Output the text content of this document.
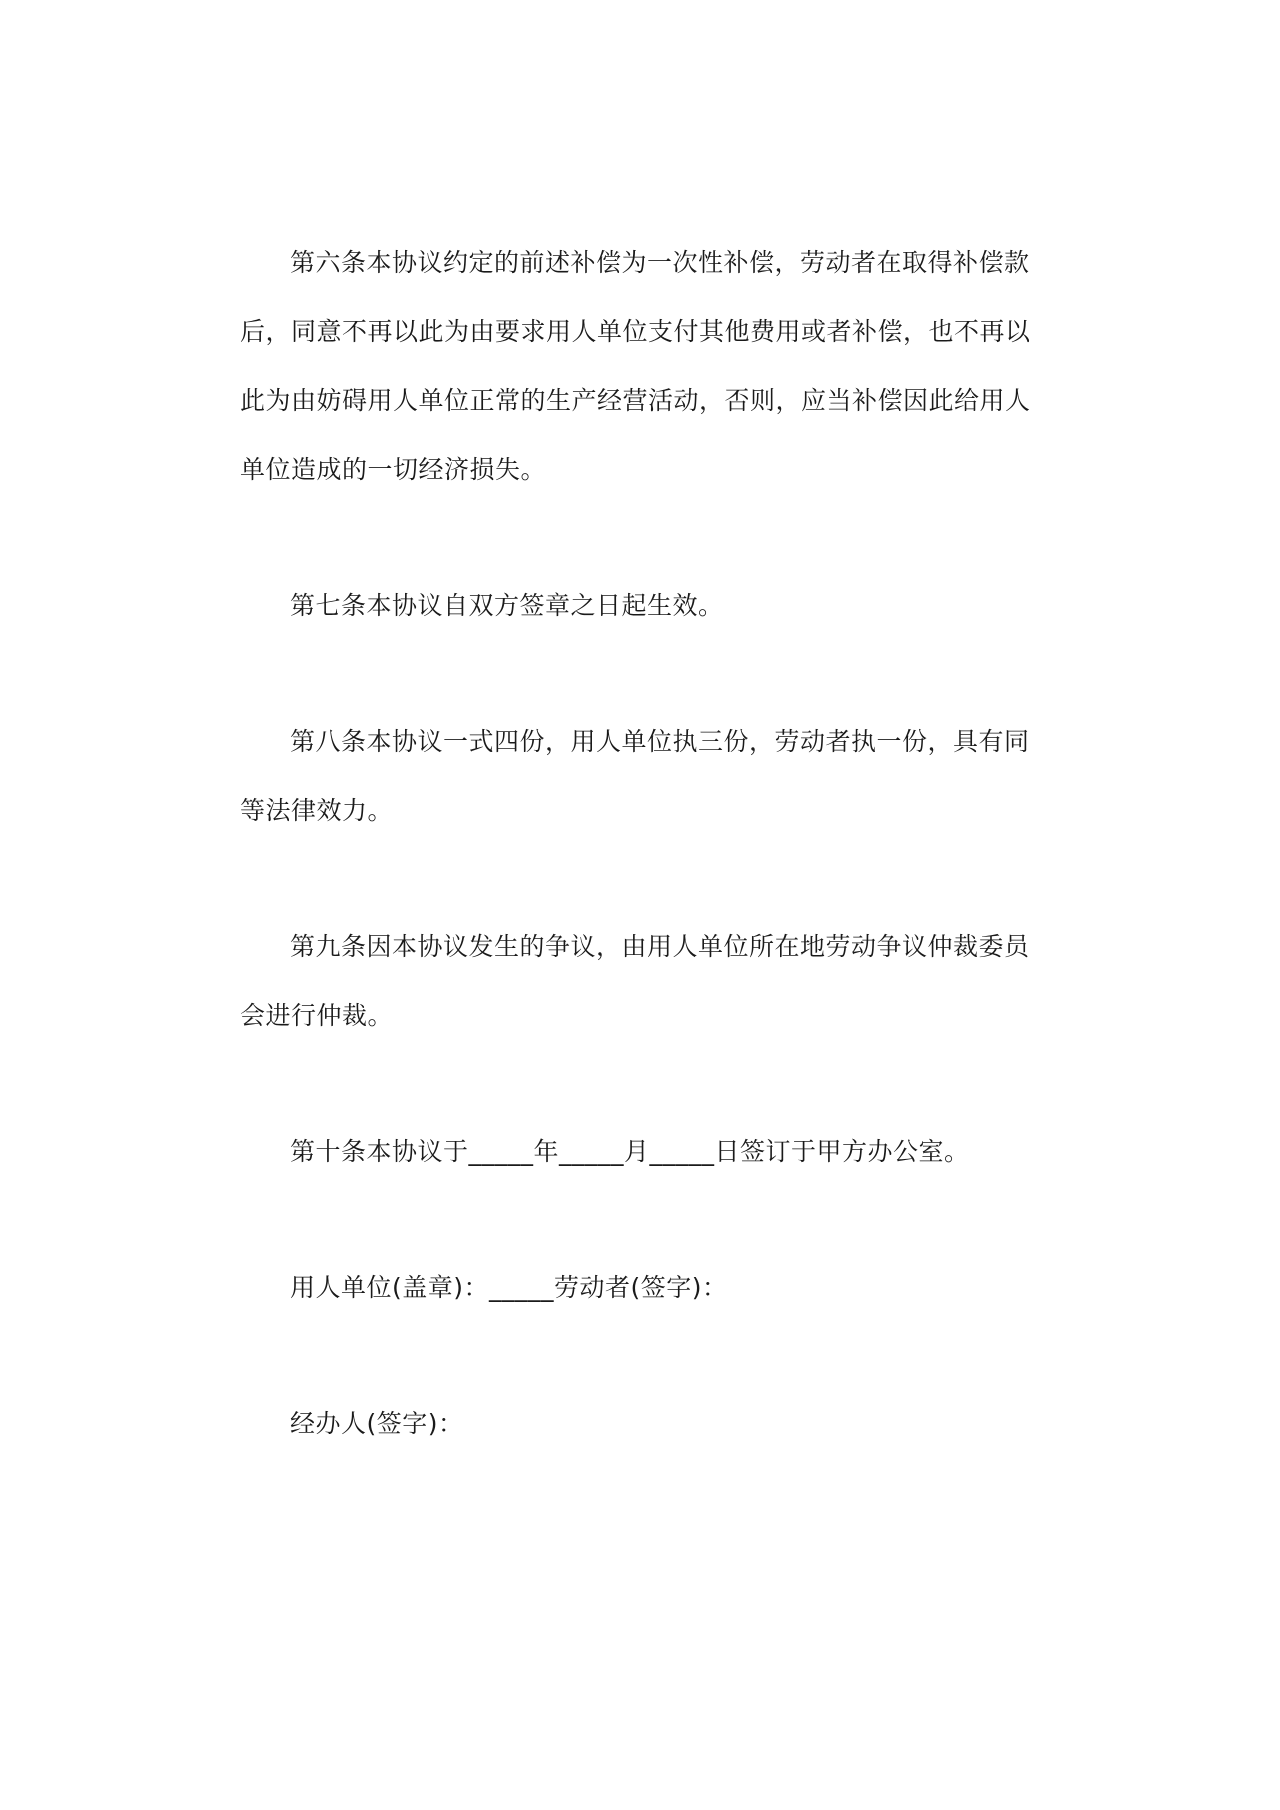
第六条本协议约定的前述补偿为一次性补偿，劳动者在取得补偿款后，同意不再以此为由要求用人单位支付其他费用或者补偿，也不再以此为由妨碍用人单位正常的生产经营活动，否则，应当补偿因此给用人单位造成的一切经济损失。

第七条本协议自双方签章之日起生效。

第八条本协议一式四份，用人单位执三份，劳动者执一份，具有同等法律效力。

第九条因本协议发生的争议，由用人单位所在地劳动争议仲裁委员会进行仲裁。

第十条本协议于_____年_____月_____日签订于甲方办公室。

用人单位(盖章)：_____劳动者(签字)：

经办人(签字)：
